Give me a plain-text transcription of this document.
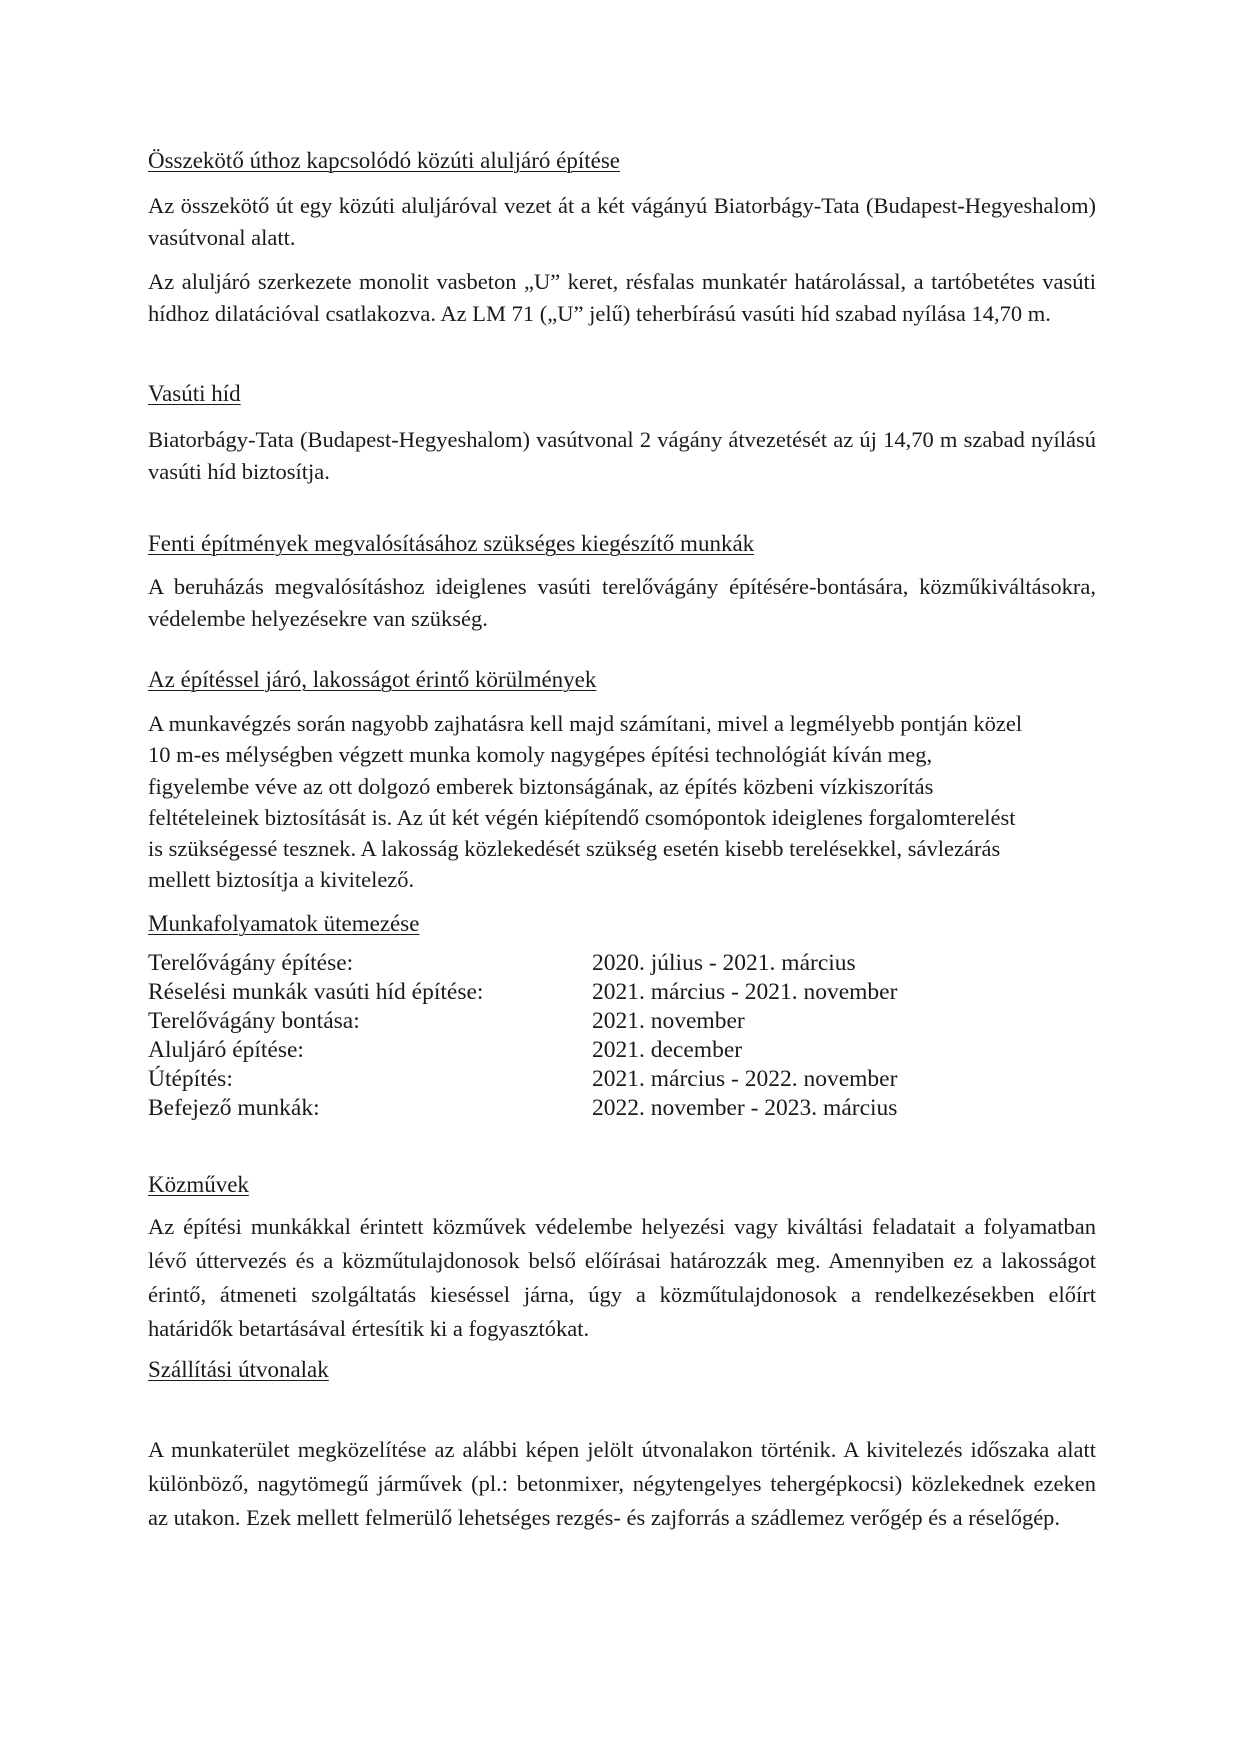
Összekötő úthoz kapcsolódó közúti aluljáró építése

Az összekötő út egy közúti aluljáróval vezet át a két vágányú Biatorbágy-Tata (Budapest-Hegyeshalom) vasútvonal alatt.

Az aluljáró szerkezete monolit vasbeton „U” keret, résfalas munkatér határolással, a tartóbetétes vasúti hídhoz dilatációval csatlakozva. Az LM 71 („U” jelű) teherbírású vasúti híd szabad nyílása 14,70 m.

Vasúti híd

Biatorbágy-Tata (Budapest-Hegyeshalom) vasútvonal 2 vágány átvezetését az új 14,70 m szabad nyílású vasúti híd biztosítja.

Fenti építmények megvalósításához szükséges kiegészítő munkák

A beruházás megvalósításhoz ideiglenes vasúti terelővágány építésére-bontására, közműkiváltásokra, védelembe helyezésekre van szükség.

Az építéssel járó, lakosságot érintő körülmények
A munkavégzés során nagyobb zajhatásra kell majd számítani, mivel a legmélyebb pontján közel
10 m-es mélységben végzett munka komoly nagygépes építési technológiát kíván meg,
figyelembe véve az ott dolgozó emberek biztonságának, az építés közbeni vízkiszorítás
feltételeinek biztosítását is. Az út két végén kiépítendő csomópontok ideiglenes forgalomterelést
is szükségessé tesznek. A lakosság közlekedését szükség esetén kisebb terelésekkel, sávlezárás
mellett biztosítja a kivitelező.
Munkafolyamatok ütemezése
Terelővágány építése:	2020. július - 2021. március
Réselési munkák vasúti híd építése:	2021. március - 2021. november
Terelővágány bontása:	2021. november
Aluljáró építése:	2021. december
Útépítés:	2021. március - 2022. november
Befejező munkák:	2022. november - 2023. március
Közművek

Az építési munkákkal érintett közművek védelembe helyezési vagy kiváltási feladatait a folyamatban lévő úttervezés és a közműtulajdonosok belső előírásai határozzák meg. Amennyiben ez a lakosságot érintő, átmeneti szolgáltatás kieséssel járna, úgy a közműtulajdonosok a rendelkezésekben előírt határidők betartásával értesítik ki a fogyasztókat.

Szállítási útvonalak

A munkaterület megközelítése az alábbi képen jelölt útvonalakon történik. A kivitelezés időszaka alatt különböző, nagytömegű járművek (pl.: betonmixer, négytengelyes tehergépkocsi) közlekednek ezeken az utakon. Ezek mellett felmerülő lehetséges rezgés- és zajforrás a szádlemez verőgép és a réselőgép.
